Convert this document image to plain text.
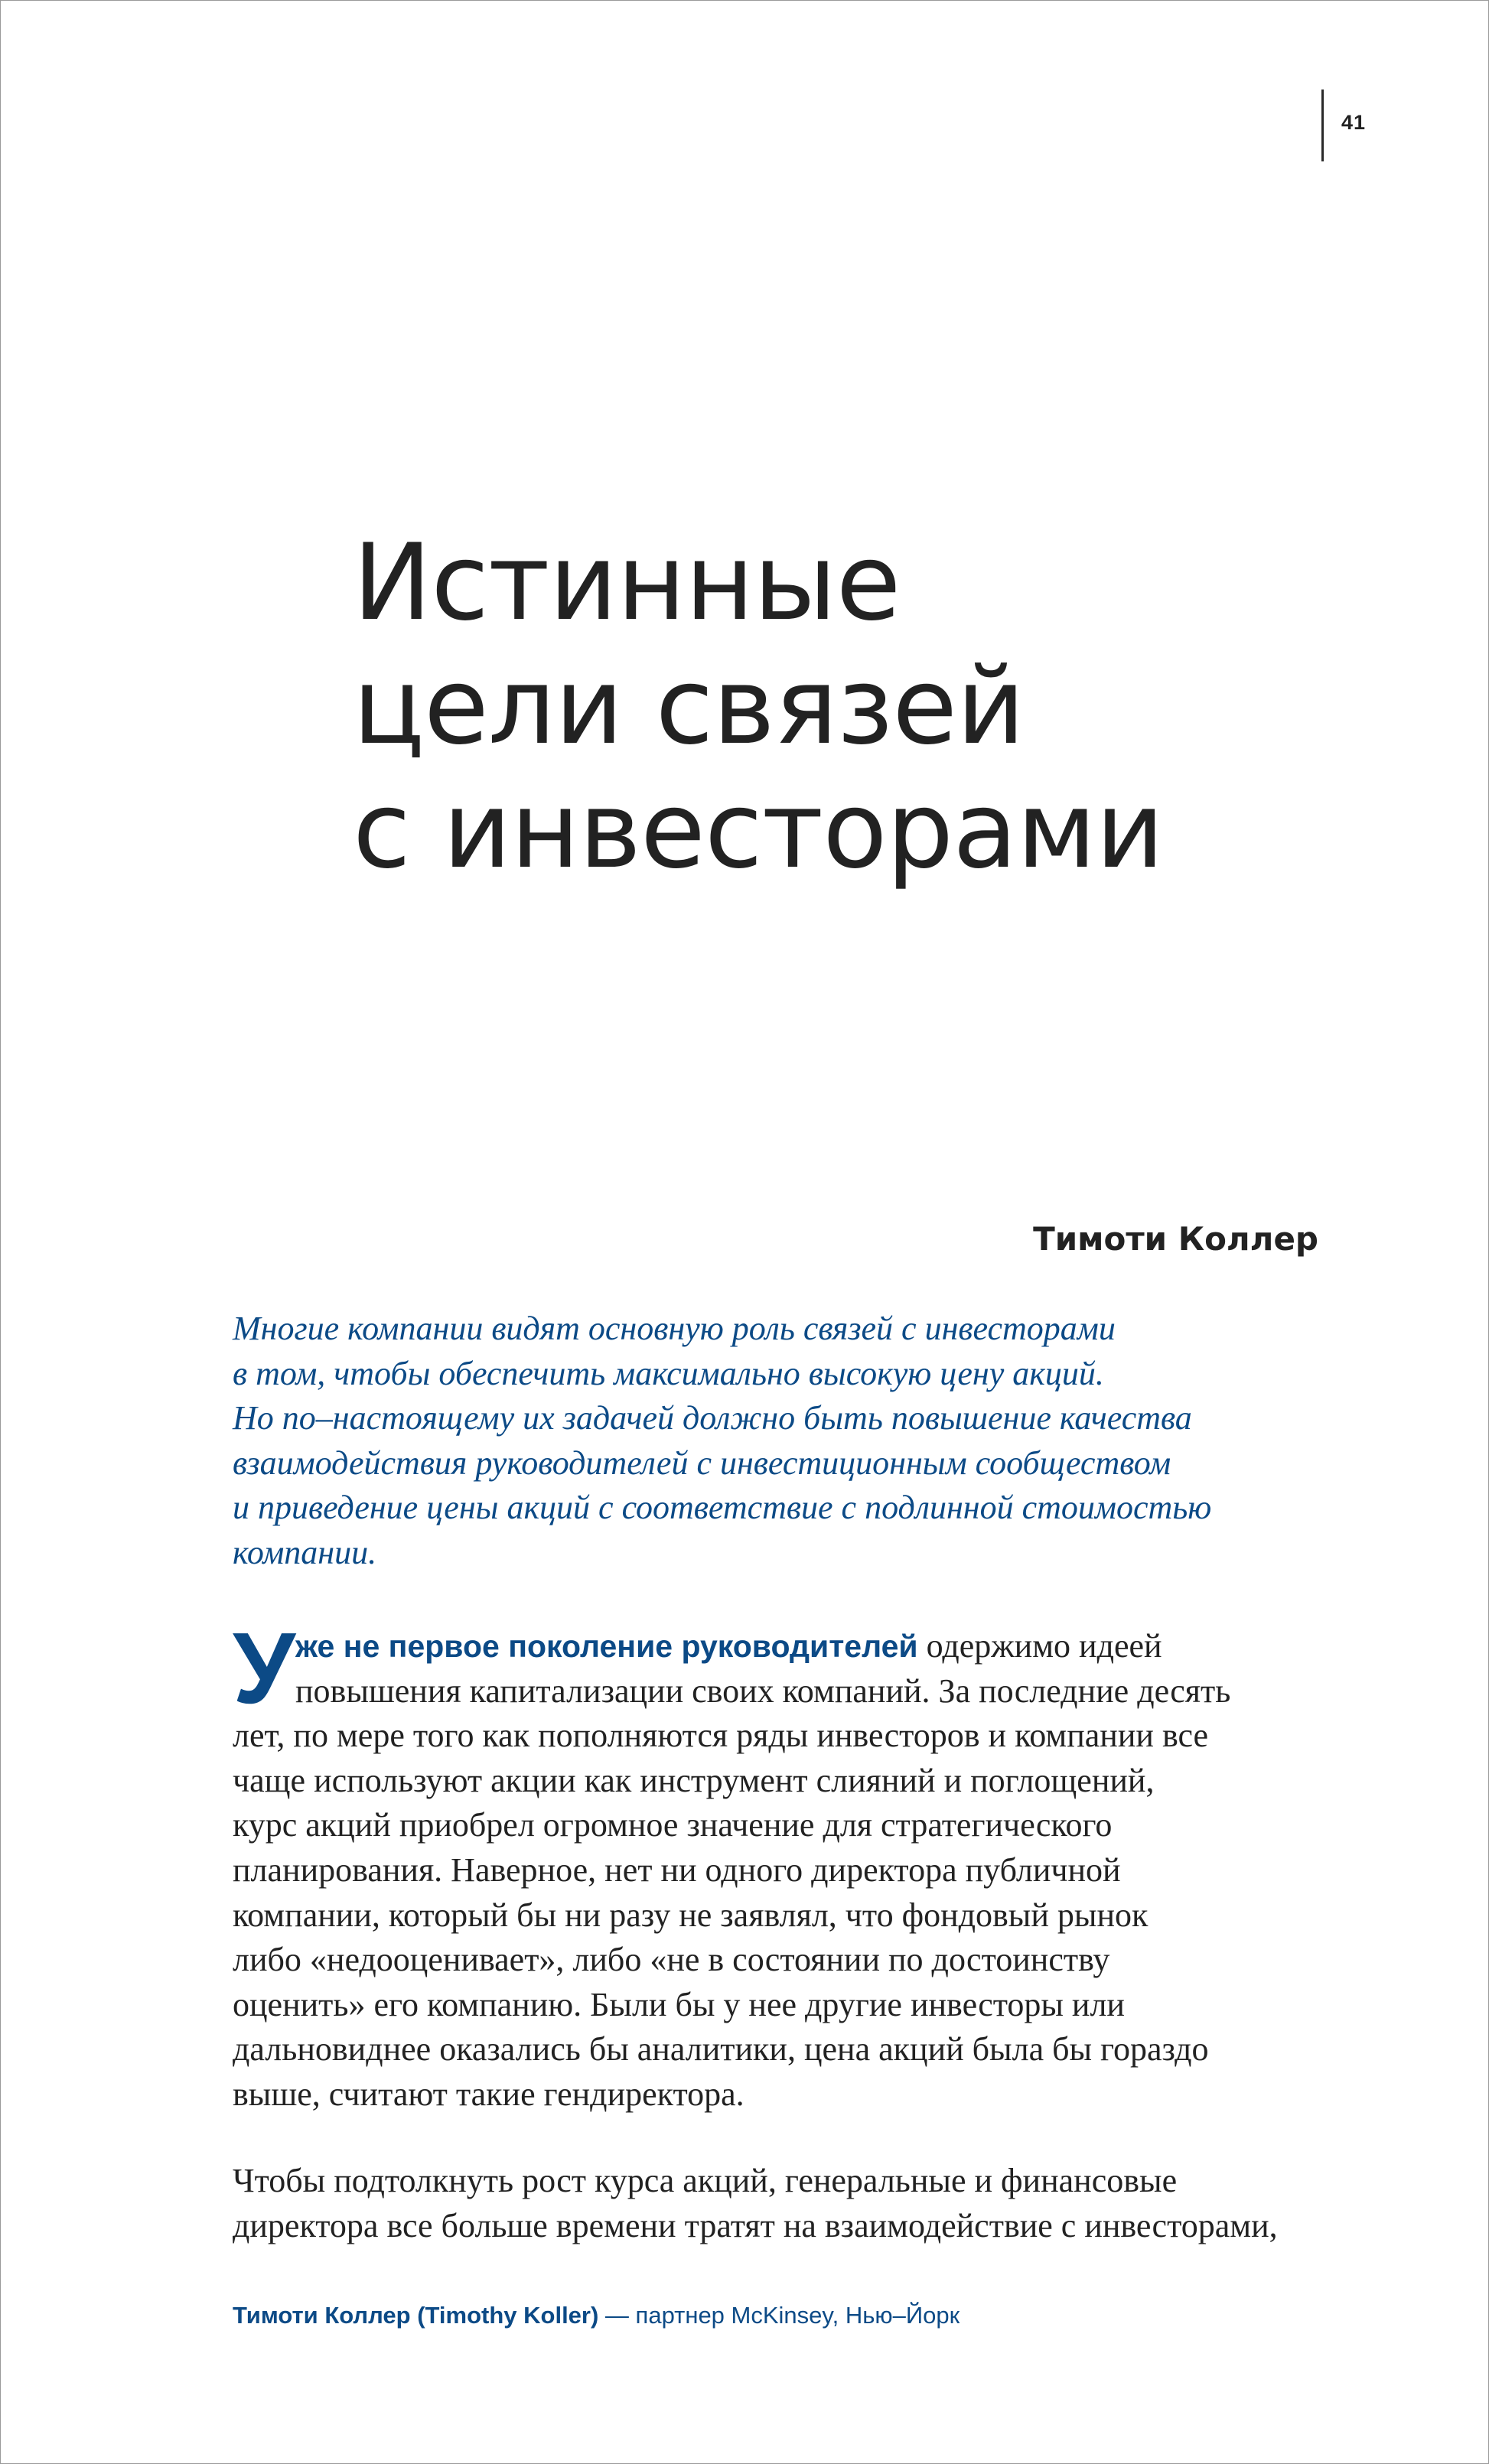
41
Истинные
цели связей
с инвесторами
Тимоти Коллер
Многие компании видят основную роль связей с инвесторами
в том, чтобы обеспечить максимально высокую цену акций.
Но по–настоящему их задачей должно быть повышение качества
взаимодействия руководителей с инвестиционным сообществом
и приведение цены акций с соответствие с подлинной стоимостью
компании.
У же не первое поколение руководителей одержимо идеей
повышения капитализации своих компаний. За последние десять
лет, по мере того как пополняются ряды инвесторов и компании все
чаще используют акции как инструмент слияний и поглощений,
курс акций приобрел огромное значение для стратегического
планирования. Наверное, нет ни одного директора публичной
компании, который бы ни разу не заявлял, что фондовый рынок
либо «недооценивает», либо «не в состоянии по достоинству
оценить» его компанию. Были бы у нее другие инвесторы или
дальновиднее оказались бы аналитики, цена акций была бы гораздо
выше, считают такие гендиректора.
Чтобы подтолкнуть рост курса акций, генеральные и финансовые
директора все больше времени тратят на взаимодействие с инвесторами,
Тимоти Коллер (Timothy Koller) — партнер McKinsey, Нью–Йорк
